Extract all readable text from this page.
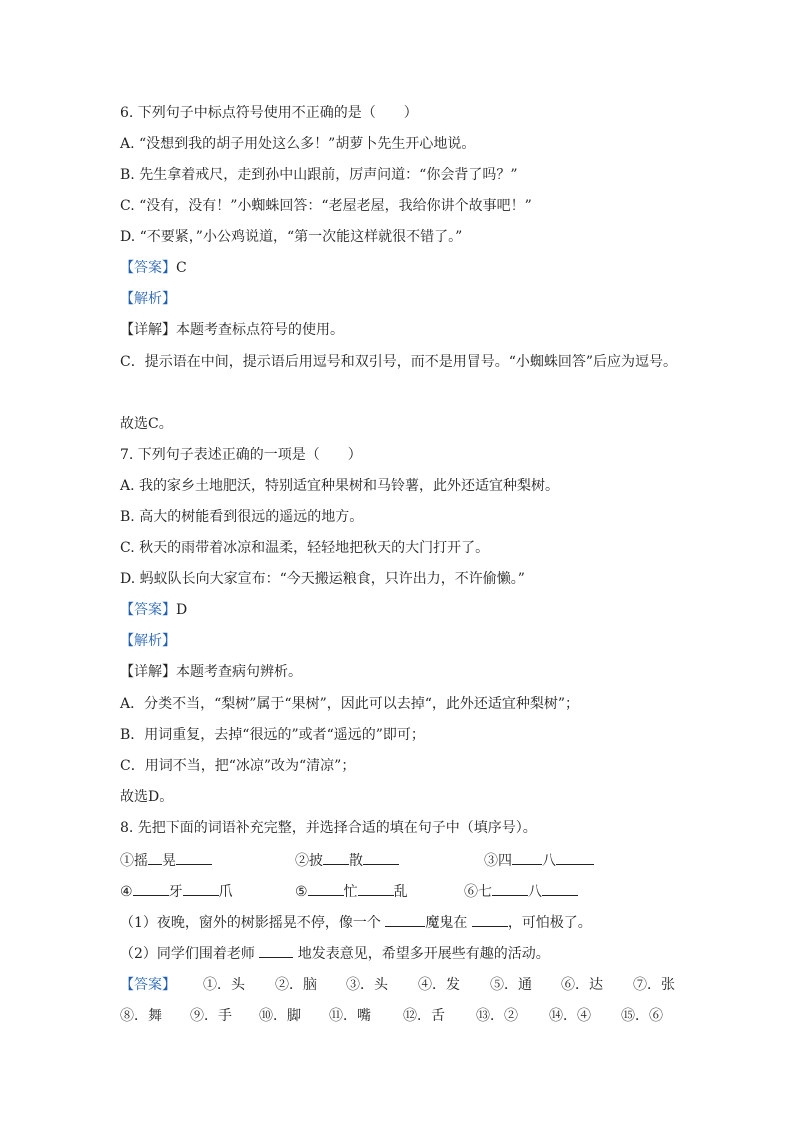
6. 下列句子中标点符号使用不正确的是（　　）
A. “没想到我的胡子用处这么多！”胡萝卜先生开心地说。
B. 先生拿着戒尺，走到孙中山跟前，厉声问道：“你会背了吗？”
C. “没有，没有！”小蜘蛛回答：“老屋老屋，我给你讲个故事吧！”
D. “不要紧，”小公鸡说道，“第一次能这样就很不错了。”
【答案】C
【解析】
【详解】本题考查标点符号的使用。
C．提示语在中间，提示语后用逗号和双引号，而不是用冒号。“小蜘蛛回答”后应为逗号。
故选C。
7. 下列句子表述正确的一项是（　　）
A. 我的家乡土地肥沃，特别适宜种果树和马铃薯，此外还适宜种梨树。
B. 高大的树能看到很远的遥远的地方。
C. 秋天的雨带着冰凉和温柔，轻轻地把秋天的大门打开了。
D. 蚂蚁队长向大家宣布：“今天搬运粮食，只许出力，不许偷懒。”
【答案】D
【解析】
【详解】本题考查病句辨析。
A．分类不当，“梨树”属于“果树”，因此可以去掉“，此外还适宜种梨树”；
B．用词重复，去掉“很远的”或者“遥远的”即可；
C．用词不当，把“冰凉”改为“清凉”；
故选D。
8. 先把下面的词语补充完整，并选择合适的填在句子中（填序号）。
①摇 晃	②披 散	③四 八
④	牙	爪	⑤	忙	乱	⑥七	八
（1）夜晚，窗外的树影摇晃不停，像一个	魔鬼在	，可怕极了。
（2）同学们围着老师  地发表意见，希望多开展些有趣的活动。
【答案】 ①．头 ②．脑 ③．头 ④．发 ⑤．通 ⑥．达 ⑦．张
⑧．舞 ⑨．手 ⑩．脚 ⑪．嘴 ⑫．舌 ⑬．② ⑭．④ ⑮．⑥
